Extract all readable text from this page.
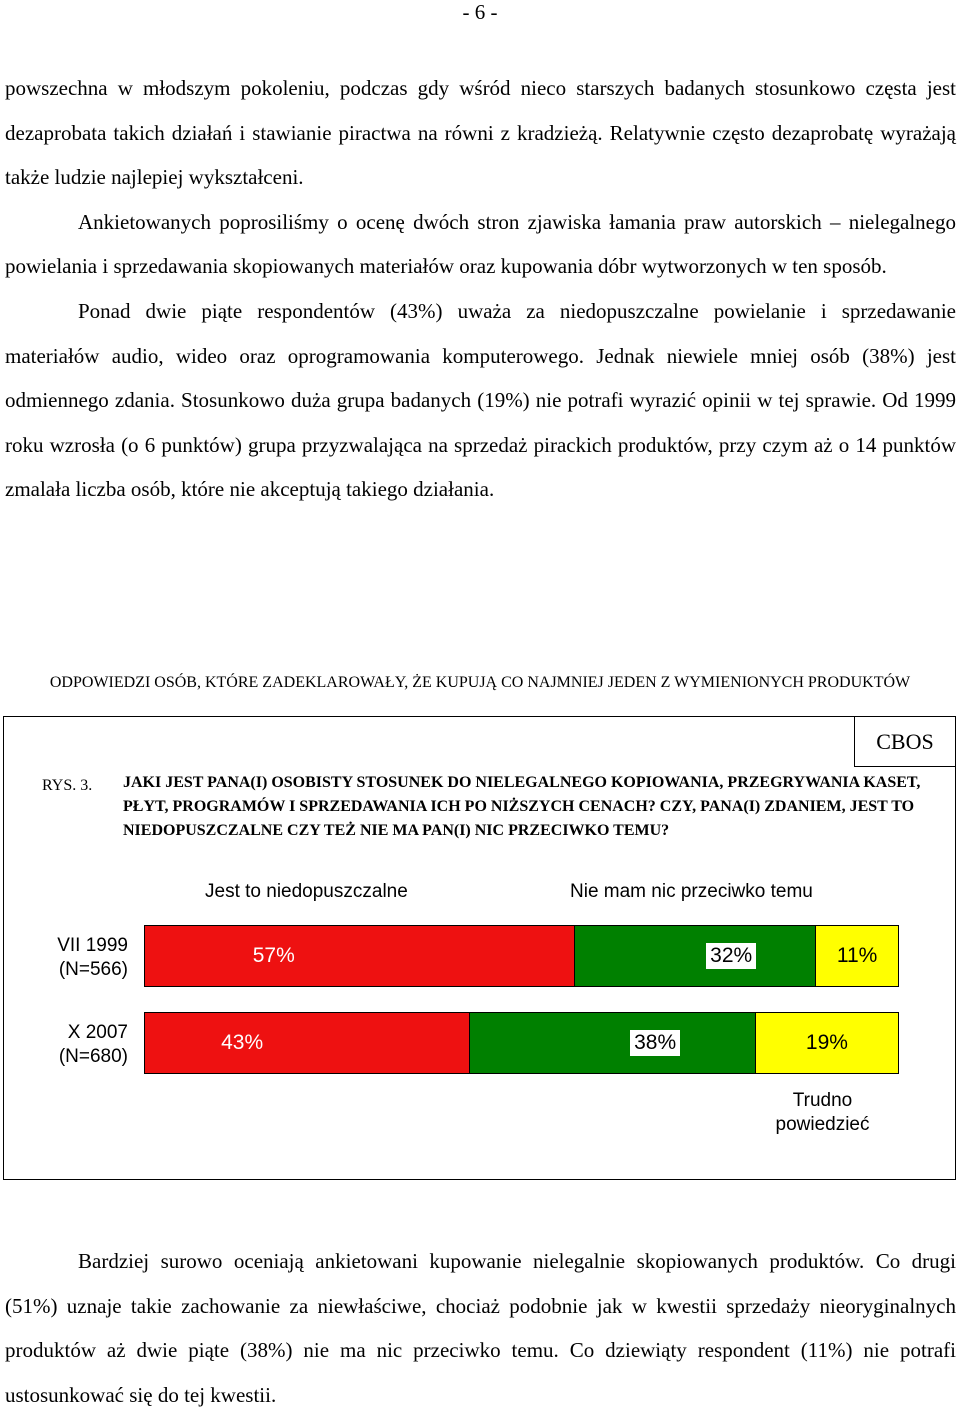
- 6 -

powszechna w młodszym pokoleniu, podczas gdy wśród nieco starszych badanych stosunkowo częsta jest dezaprobata takich działań i stawianie piractwa na równi z kradzieżą. Relatywnie często dezaprobatę wyrażają także ludzie najlepiej wykształceni.

Ankietowanych poprosiliśmy o ocenę dwóch stron zjawiska łamania praw autorskich – nielegalnego powielania i sprzedawania skopiowanych materiałów oraz kupowania dóbr wytworzonych w ten sposób.

Ponad dwie piąte respondentów (43%) uważa za niedopuszczalne powielanie i sprzedawanie materiałów audio, wideo oraz oprogramowania komputerowego. Jednak niewiele mniej osób (38%) jest odmiennego zdania. Stosunkowo duża grupa badanych (19%) nie potrafi wyrazić opinii w tej sprawie. Od 1999 roku wzrosła (o 6 punktów) grupa przyzwalająca na sprzedaż pirackich produktów, przy czym aż o 14 punktów zmalała liczba osób, które nie akceptują takiego działania.

ODPOWIEDZI OSÓB, KTÓRE ZADEKLAROWAŁY, ŻE KUPUJĄ CO NAJMNIEJ JEDEN Z WYMIENIONYCH PRODUKTÓW
CBOS
RYS. 3. JAKI JEST PANA(I) OSOBISTY STOSUNEK DO NIELEGALNEGO KOPIOWANIA, PRZEGRYWANIA KASET, PŁYT, PROGRAMÓW I SPRZEDAWANIA ICH PO NIŻSZYCH CENACH? CZY, PANA(I) ZDANIEM, JEST TO NIEDOPUSZCZALNE CZY TEŻ NIE MA PAN(I) NIC PRZECIWKO TEMU?
Jest to niedopuszczalne	Nie mam nic przeciwko temu
VII 1999
(N=566)
57%	32%	11%
X 2007
(N=680)
43%	38%	19%
Trudno
powiedzieć

Bardziej surowo oceniają ankietowani kupowanie nielegalnie skopiowanych produktów. Co drugi (51%) uznaje takie zachowanie za niewłaściwe, chociaż podobnie jak w kwestii sprzedaży nieoryginalnych produktów aż dwie piąte (38%) nie ma nic przeciwko temu. Co dziewiąty respondent (11%) nie potrafi ustosunkować się do tej kwestii.
